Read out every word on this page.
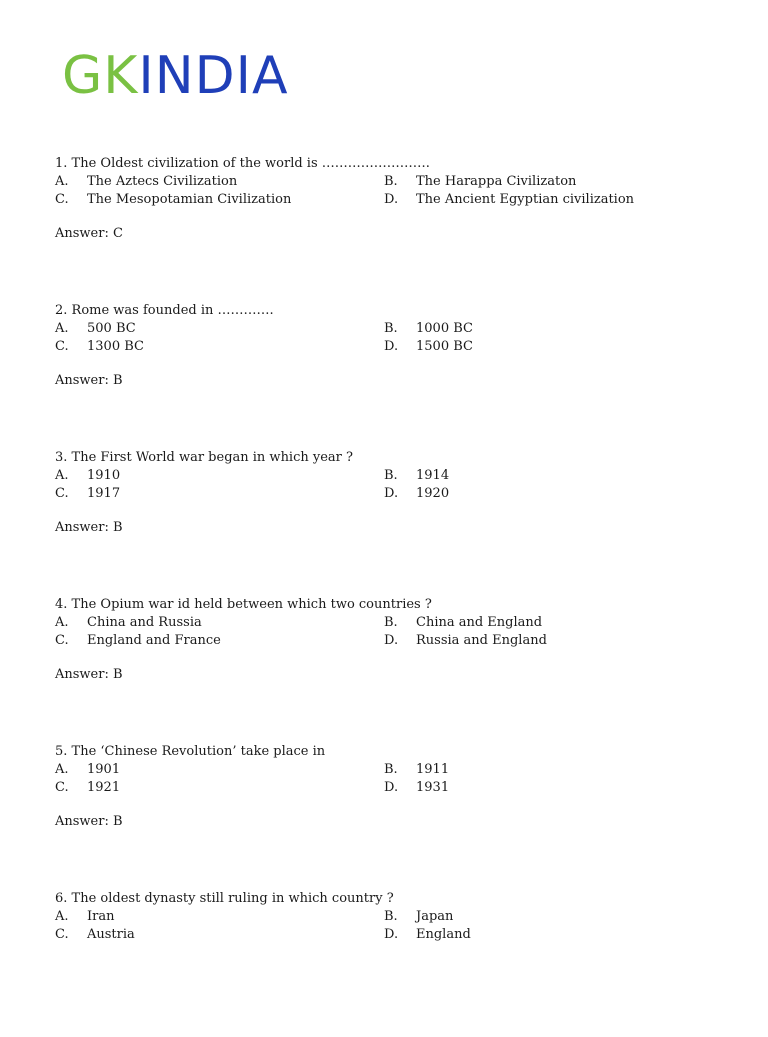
GKINDIA
1. The Oldest civilization of the world is …………………….
A.	The Aztecs Civilization	B.	The Harappa Civilizaton
C.	The Mesopotamian Civilization	D.	The Ancient Egyptian civilization
Answer: C
2. Rome was founded in ………….
A.	500 BC	B.	1000 BC
C.	1300 BC	D.	1500 BC
Answer: B
3. The First World war began in which year ?
A.	1910	B.	1914
C.	1917	D.	1920
Answer: B
4. The Opium war id held between which two countries ?
A.	China and Russia	B.	China and England
C.	England and France	D.	Russia and England
Answer: B
5. The ‘Chinese Revolution’ take place in
A.	1901	B.	1911
C.	1921	D.	1931
Answer: B
6. The oldest dynasty still ruling in which country ?
A.	Iran	B.	Japan
C.	Austria	D.	England
